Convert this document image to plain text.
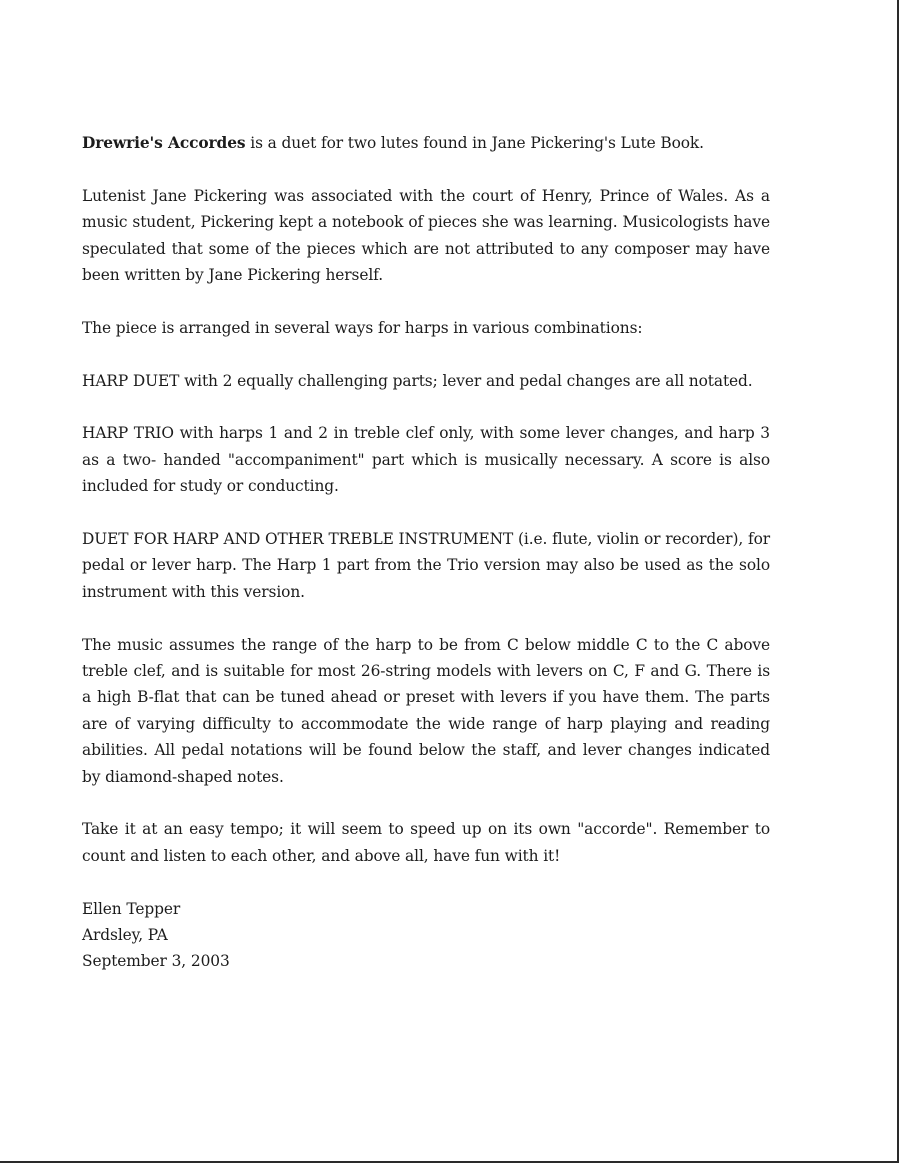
Drewrie's Accordes is a duet for two lutes found in Jane Pickering's Lute Book.

Lutenist Jane Pickering was associated with the court of Henry, Prince of Wales. As a music student, Pickering kept a notebook of pieces she was learning. Musicologists have speculated that some of the pieces which are not attributed to any composer may have been written by Jane Pickering herself.

The piece is arranged in several ways for harps in various combinations:

HARP DUET with 2 equally challenging parts; lever and pedal changes are all notated.

HARP TRIO with harps 1 and 2 in treble clef only, with some lever changes, and harp 3 as a two- handed "accompaniment" part which is musically necessary. A score is also included for study or conducting.

DUET FOR HARP AND OTHER TREBLE INSTRUMENT (i.e. flute, violin or recorder), for pedal or lever harp. The Harp 1 part from the Trio version may also be used as the solo instrument with this version.

The music assumes the range of the harp to be from C below middle C to the C above treble clef, and is suitable for most 26-string models with levers on C, F and G. There is a high B-flat that can be tuned ahead or preset with levers if you have them. The parts are of varying difficulty to accommodate the wide range of harp playing and reading abilities. All pedal notations will be found below the staff, and lever changes indicated by diamond-shaped notes.

Take it at an easy tempo; it will seem to speed up on its own "accorde". Remember to count and listen to each other, and above all, have fun with it!

Ellen Tepper
Ardsley, PA
September 3, 2003
